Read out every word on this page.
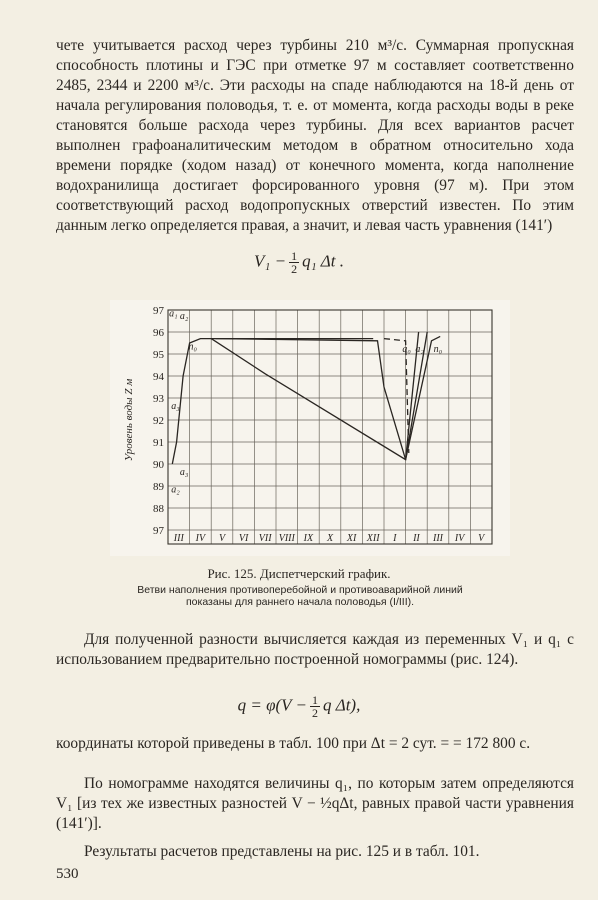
чете учитывается расход через турбины 210 м³/с. Суммарная пропускная способность плотины и ГЭС при отметке 97 м составляет соответственно 2485, 2344 и 2200 м³/с. Эти расходы на спаде наблюдаются на 18-й день от начала регулирования половодья, т. е. от момента, когда расходы воды в реке становятся больше расхода через турбины. Для всех вариантов расчет выполнен графоаналитическим методом в обратном относительно хода времени порядке (ходом назад) от конечного момента, когда наполнение водохранилища достигает форсированного уровня (97 м). При этом соответствующий расход водопропускных отверстий известен. По этим данным легко определяется правая, а значит, и левая часть уравнения (141′)

$V_1 - \frac{1}{2} q_1$ Δt .
97
96
95
94
93
92
91
90
89
88
97
III IV V VI VII VIII IX X XI XII I II III IV V
a₁ a₂
a₃
n₀
a₂
a₃
a₀ a₂ n₀
Уровень воды Z м
Рис. 125. Диспетчерский график.
Ветви наполнения противоперебойной и противоаварийной линий показаны для раннего начала половодья (I/III).

Для полученной разности вычисляется каждая из переменных V₁ и q₁ с использованием предварительно построенной номограммы (рис. 124).

$q = \varphi(V - \frac{1}{2}$ q Δt),

координаты которой приведены в табл. 100 при Δt = 2 сут. = = 172 800 с.

По номограмме находятся величины q₁, по которым затем определяются V₁ [из тех же известных разностей V − ½qΔt, равных правой части уравнения (141′)].

Результаты расчетов представлены на рис. 125 и в табл. 101.

530
